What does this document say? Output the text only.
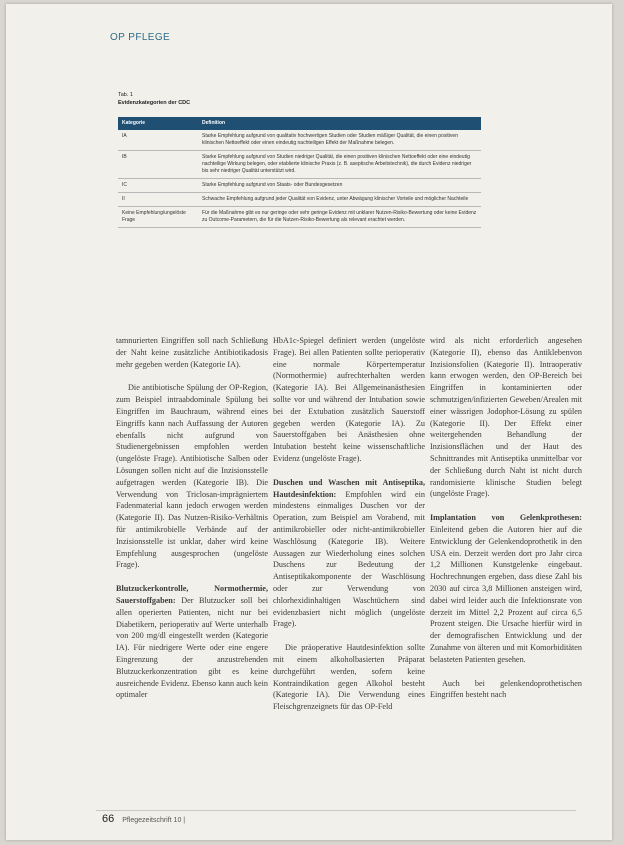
OP PFLEGE
Tab. 1
Evidenzkategorien der CDC
Kategorie	Definition
IA	Starke Empfehlung aufgrund von qualitativ hochwertigen Studien oder Studien mäßiger Qualität, die einen positiven klinischen Nettoeffekt oder einen eindeutig nachteiligen Effekt der Maßnahme belegen.
IB	Starke Empfehlung aufgrund von Studien niedriger Qualität, die einen positiven klinischen Nettoeffekt oder eine eindeutig nachteilige Wirkung belegen, oder etablierte klinische Praxis (z. B. aseptische Arbeitstechnik), die durch Evidenz niedriger bis sehr niedriger Qualität unterstützt wird.
IC	Starke Empfehlung aufgrund von Staats- oder Bundesgesetzen
II	Schwache Empfehlung aufgrund jeder Qualität von Evidenz, unter Abwägung klinischer Vorteile und möglicher Nachteile
Keine Empfehlung/ungelöste Frage	Für die Maßnahme gibt es nur geringe oder sehr geringe Evidenz mit unklarer Nutzen-Risiko-Bewertung oder keine Evidenz zu Outcome-Parametern, die für die Nutzen-Risiko-Bewertung als relevant erachtet werden.

tamnurierten Eingriffen soll nach Schließung der Naht keine zusätzliche Antibiotikadosis mehr gegeben werden (Kategorie IA).

Die antibiotische Spülung der OP-Region, zum Beispiel intraabdominale Spülung bei Eingriffen im Bauchraum, während eines Eingriffs kann nach Auffassung der Autoren ebenfalls nicht aufgrund von Studienergebnissen empfohlen werden (ungelöste Frage). Antibiotische Salben oder Lösungen sollen nicht auf die Inzisionsstelle aufgetragen werden (Kategorie IB). Die Verwendung von Triclosan-imprägniertem Fadenmaterial kann jedoch erwogen werden (Kategorie II). Das Nutzen-Risiko-Verhältnis für antimikrobielle Verbände auf der Inzisionsstelle ist unklar, daher wird keine Empfehlung ausgesprochen (ungelöste Frage).

Blutzuckerkontrolle, Normothermie, Sauerstoffgaben: Der Blutzucker soll bei allen operierten Patienten, nicht nur bei Diabetikern, perioperativ auf Werte unterhalb von 200 mg/dl eingestellt werden (Kategorie IA). Für niedrigere Werte oder eine engere Eingrenzung der anzustrebenden Blutzuckerkonzentration gibt es keine ausreichende Evidenz. Ebenso kann auch kein optimaler

HbA1c-Spiegel definiert werden (ungelöste Frage). Bei allen Patienten sollte perioperativ eine normale Körpertemperatur (Normothermie) aufrechterhalten werden (Kategorie IA). Bei Allgemeinanästhesien sollte vor und während der Intubation sowie bei der Extubation zusätzlich Sauerstoff gegeben werden (Kategorie IA). Zu Sauerstoffgaben bei Anästhesien ohne Intubation besteht keine wissenschaftliche Evidenz (ungelöste Frage).

Duschen und Waschen mit Antiseptika, Hautdesinfektion: Empfohlen wird ein mindestens einmaliges Duschen vor der Operation, zum Beispiel am Vorabend, mit antimikrobieller oder nicht-antimikrobieller Waschlösung (Kategorie IB). Weitere Aussagen zur Wiederholung eines solchen Duschens zur Bedeutung der Antiseptikakomponente der Waschlösung oder zur Verwendung von chlorhexidinhaltigen Waschtüchern sind evidenzbasiert nicht möglich (ungelöste Frage).

Die präoperative Hautdesinfektion sollte mit einem alkoholbasierten Präparat durchgeführt werden, sofern keine Kontraindikation gegen Alkohol besteht (Kategorie IA). Die Verwendung eines Fleischgrenzeignets für das OP-Feld

wird als nicht erforderlich angesehen (Kategorie II), ebenso das Antiklebenvon Inzisionsfolien (Kategorie II). Intraoperativ kann erwogen werden, den OP-Bereich bei Eingriffen in kontaminierten oder schmutzigen/infizierten Geweben/Arealen mit einer wässrigen Jodophor-Lösung zu spülen (Kategorie II). Der Effekt einer weitergehenden Behandlung der Inzisionsflächen und der Haut des Schnittrandes mit Antiseptika unmittelbar vor der Schließung durch Naht ist nicht durch randomisierte klinische Studien belegt (ungelöste Frage).

Implantation von Gelenkprothesen: Einleitend geben die Autoren hier auf die Entwicklung der Gelenkendoprothetik in den USA ein. Derzeit werden dort pro Jahr circa 1,2 Millionen Kunstgelenke eingebaut. Hochrechnungen ergeben, dass diese Zahl bis 2030 auf circa 3,8 Millionen ansteigen wird, dabei wird leider auch die Infektionsrate von derzeit im Mittel 2,2 Prozent auf circa 6,5 Prozent steigen. Die Ursache hierfür wird in der demografischen Entwicklung und der Zunahme von älteren und mit Komorbiditäten belasteten Patienten gesehen.

Auch bei gelenkendoprothetischen Eingriffen besteht nach

66 Pflegezeitschrift 10 |
